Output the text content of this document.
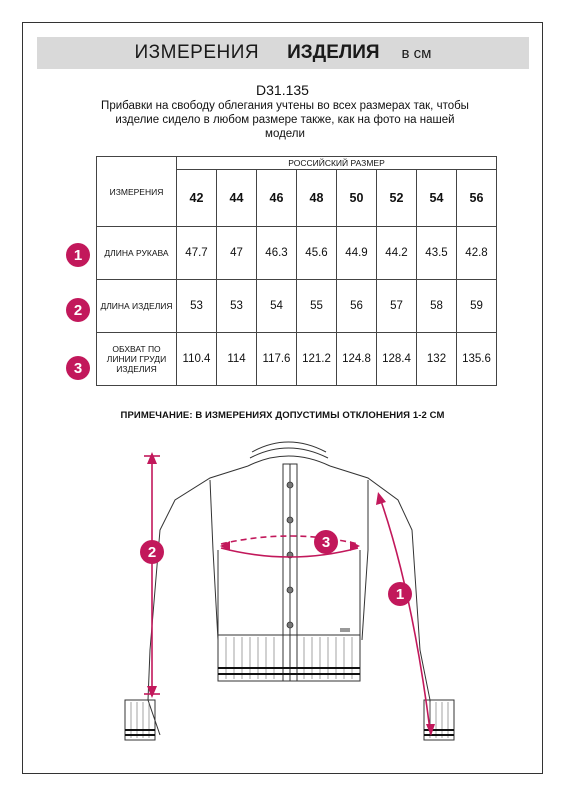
ИЗМЕРЕНИЯ ИЗДЕЛИЯ в см
D31.135
Прибавки на свободу облегания учтены во всех размерах так, чтобы изделие сидело в любом размере также, как на фото на нашей модели
ИЗМЕРЕНИЯ	РОССИЙСКИЙ РАЗМЕР							
	42	44	46	48	50	52	54	56
ДЛИНА РУКАВА	47.7	47	46.3	45.6	44.9	44.2	43.5	42.8
ДЛИНА ИЗДЕЛИЯ	53	53	54	55	56	57	58	59
ОБХВАТ ПО ЛИНИИ ГРУДИ ИЗДЕЛИЯ	110.4	114	117.6	121.2	124.8	128.4	132	135.6
1
2
3
ПРИМЕЧАНИЕ: В ИЗМЕРЕНИЯХ ДОПУСТИМЫ ОТКЛОНЕНИЯ 1-2 СМ
2
3
1
